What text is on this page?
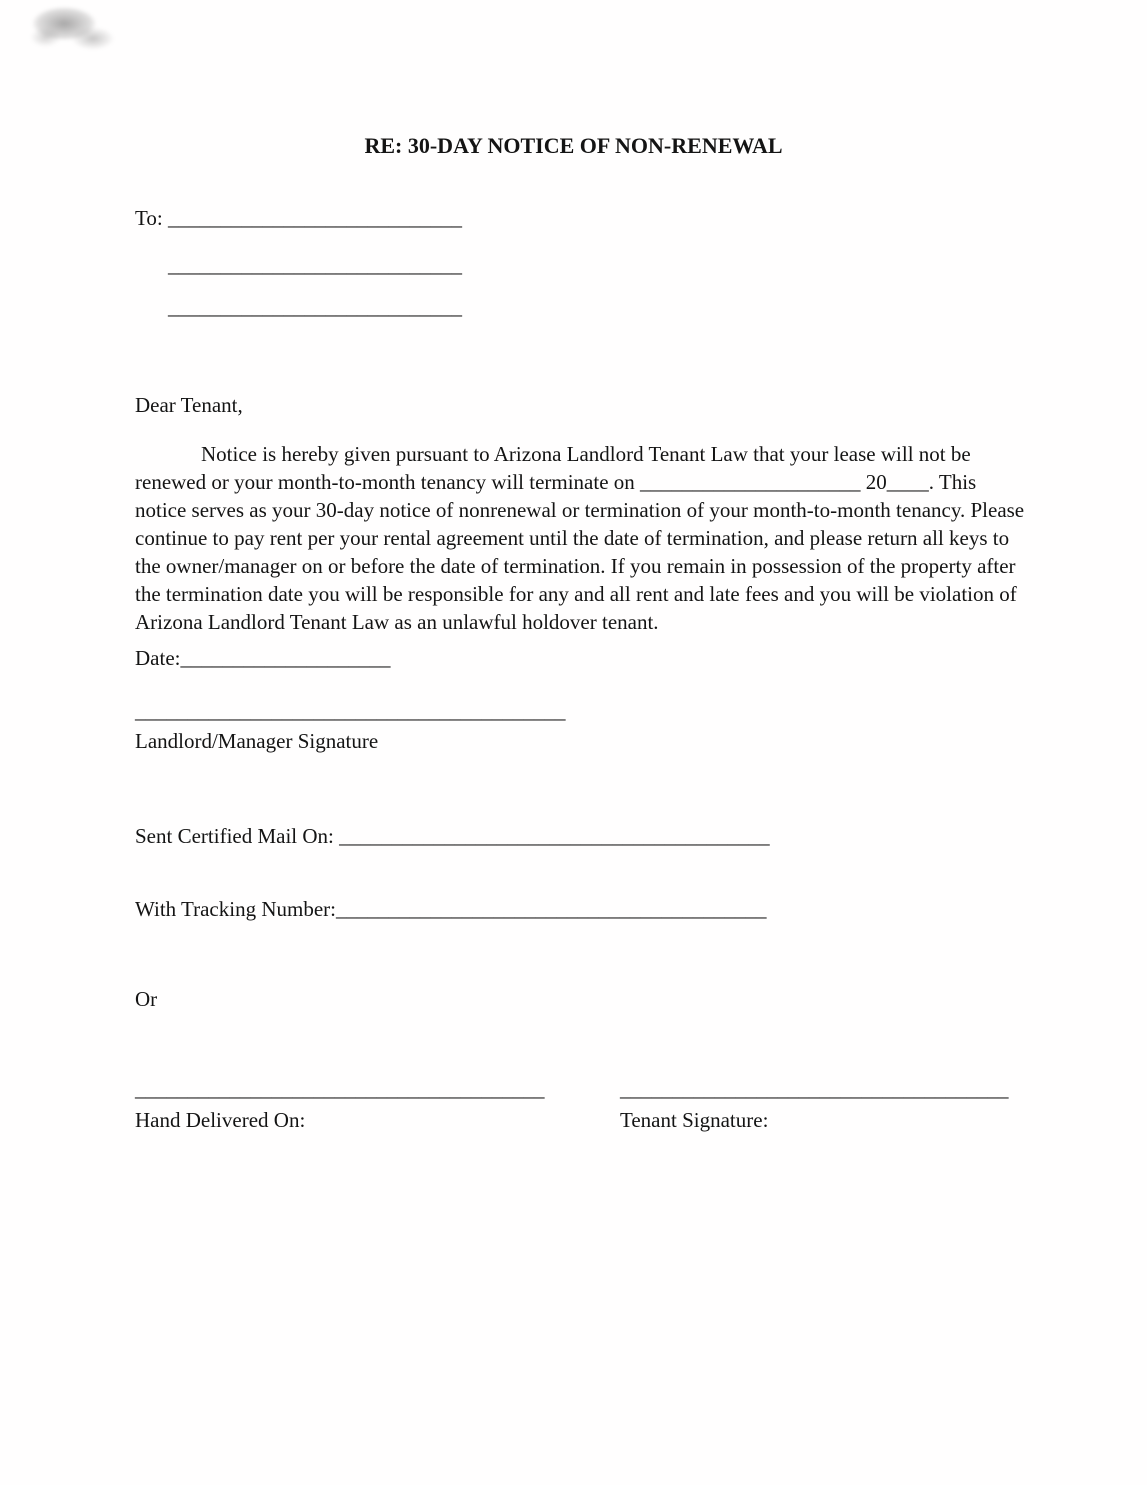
RE: 30-DAY NOTICE OF NON-RENEWAL
To: ____________________________
____________________________
____________________________
Dear Tenant,
Notice is hereby given pursuant to Arizona Landlord Tenant Law that your lease will not be
renewed or your month-to-month tenancy will terminate on _____________________ 20____. This
notice serves as your 30-day notice of nonrenewal or termination of your month-to-month tenancy. Please
continue to pay rent per your rental agreement until the date of termination, and please return all keys to
the owner/manager on or before the date of termination. If you remain in possession of the property after
the termination date you will be responsible for any and all rent and late fees and you will be violation of
Arizona Landlord Tenant Law as an unlawful holdover tenant.
Date:____________________
_________________________________________
Landlord/Manager Signature
Sent Certified Mail On: _________________________________________
With Tracking Number:_________________________________________
Or
_______________________________________
Hand Delivered On:
_____________________________________
Tenant Signature:
